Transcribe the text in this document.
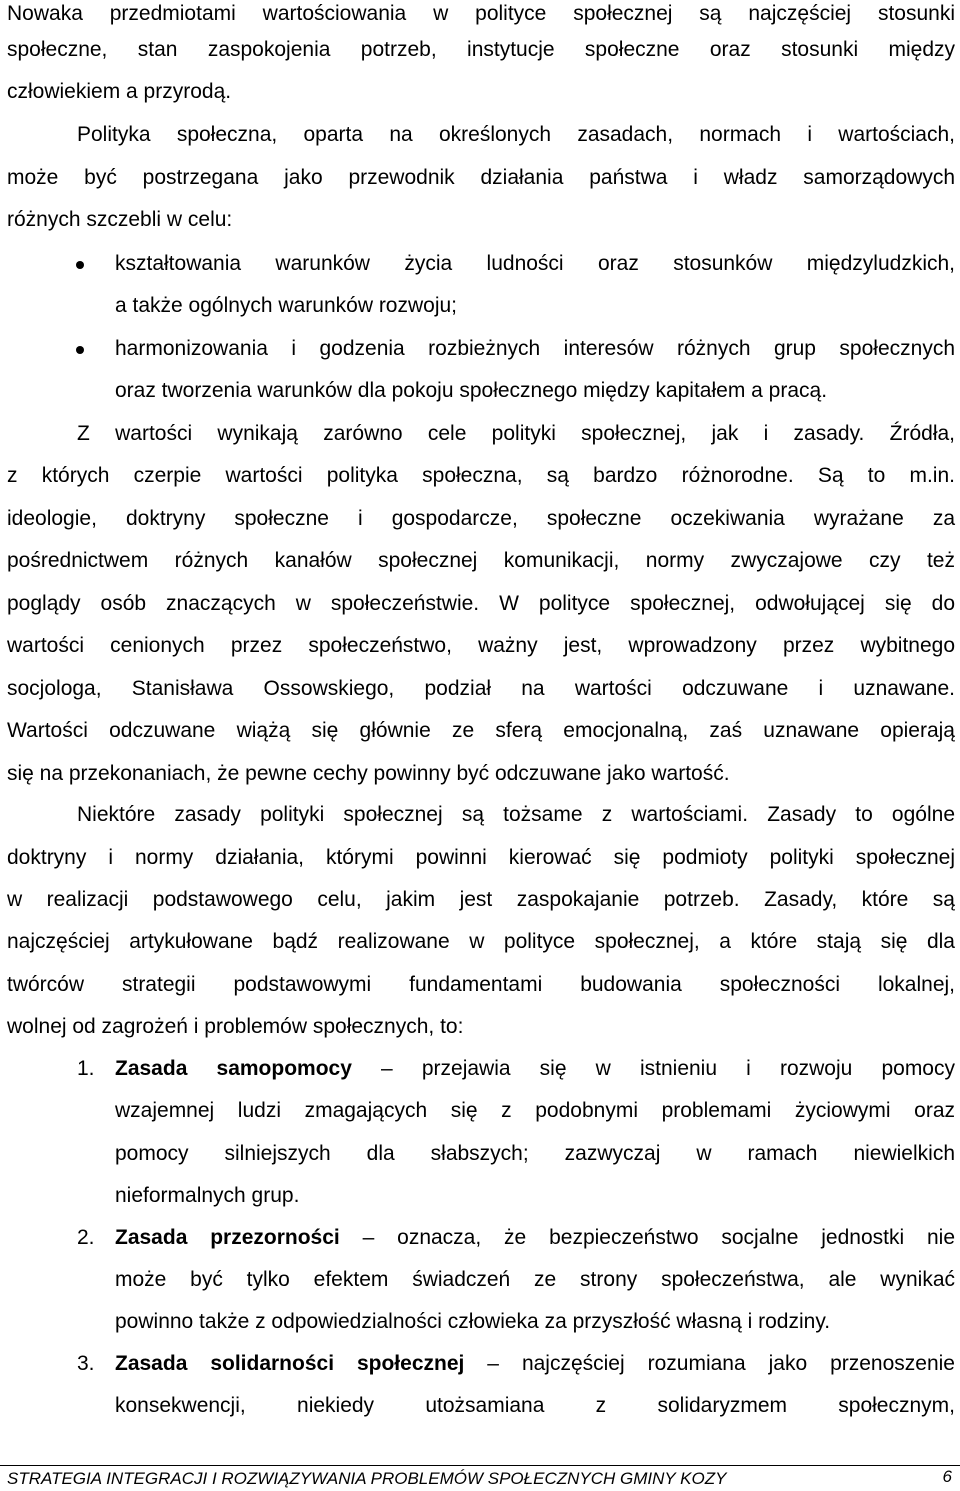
Nowaka przedmiotami wartościowania w polityce społecznej są najczęściej stosunki
społeczne, stan zaspokojenia potrzeb, instytucje społeczne oraz stosunki między
człowiekiem a przyrodą.
Polityka społeczna, oparta na określonych zasadach, normach i wartościach,
może być postrzegana jako przewodnik działania państwa i władz samorządowych
różnych szczebli w celu:
kształtowania warunków życia ludności oraz stosunków międzyludzkich,
a także ogólnych warunków rozwoju;
harmonizowania i godzenia rozbieżnych interesów różnych grup społecznych
oraz tworzenia warunków dla pokoju społecznego między kapitałem a pracą.
Z wartości wynikają zarówno cele polityki społecznej, jak i zasady. Źródła,
z których czerpie wartości polityka społeczna, są bardzo różnorodne. Są to m.in.
ideologie, doktryny społeczne i gospodarcze, społeczne oczekiwania wyrażane za
pośrednictwem różnych kanałów społecznej komunikacji, normy zwyczajowe czy też
poglądy osób znaczących w społeczeństwie. W polityce społecznej, odwołującej się do
wartości cenionych przez społeczeństwo, ważny jest, wprowadzony przez wybitnego
socjologa, Stanisława Ossowskiego, podział na wartości odczuwane i uznawane.
Wartości odczuwane wiążą się głównie ze sferą emocjonalną, zaś uznawane opierają
się na przekonaniach, że pewne cechy powinny być odczuwane jako wartość.
Niektóre zasady polityki społecznej są tożsame z wartościami. Zasady to ogólne
doktryny i normy działania, którymi powinni kierować się podmioty polityki społecznej
w realizacji podstawowego celu, jakim jest zaspokajanie potrzeb. Zasady, które są
najczęściej artykułowane bądź realizowane w polityce społecznej, a które stają się dla
twórców strategii podstawowymi fundamentami budowania społeczności lokalnej,
wolnej od zagrożeń i problemów społecznych, to:
1. Zasada samopomocy – przejawia się w istnieniu i rozwoju pomocy
wzajemnej ludzi zmagających się z podobnymi problemami życiowymi oraz
pomocy silniejszych dla słabszych; zazwyczaj w ramach niewielkich
nieformalnych grup.
2. Zasada przezorności – oznacza, że bezpieczeństwo socjalne jednostki nie
może być tylko efektem świadczeń ze strony społeczeństwa, ale wynikać
powinno także z odpowiedzialności człowieka za przyszłość własną i rodziny.
3. Zasada solidarności społecznej – najczęściej rozumiana jako przenoszenie
konsekwencji, niekiedy utożsamiana z solidaryzmem społecznym,
STRATEGIA INTEGRACJI I ROZWIĄZYWANIA PROBLEMÓW SPOŁECZNYCH GMINY KOZY	6
